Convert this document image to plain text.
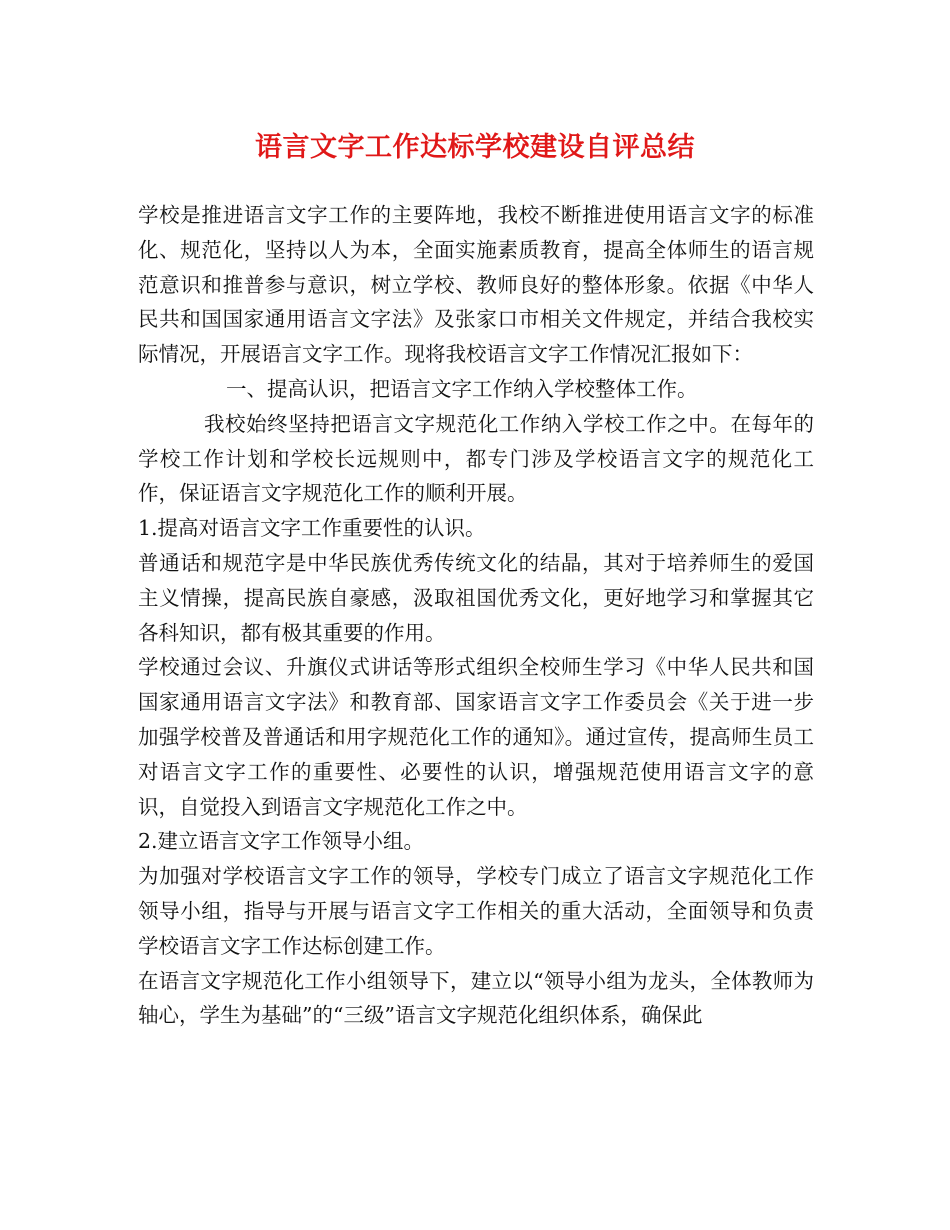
语言文字工作达标学校建设自评总结

学校是推进语言文字工作的主要阵地，我校不断推进使用语言文字的标准化、规范化，坚持以人为本，全面实施素质教育，提高全体师生的语言规范意识和推普参与意识，树立学校、教师良好的整体形象。依据《中华人民共和国国家通用语言文字法》及张家口市相关文件规定，并结合我校实际情况，开展语言文字工作。现将我校语言文字工作情况汇报如下：

一、提高认识，把语言文字工作纳入学校整体工作。

我校始终坚持把语言文字规范化工作纳入学校工作之中。在每年的学校工作计划和学校长远规则中，都专门涉及学校语言文字的规范化工作，保证语言文字规范化工作的顺利开展。

1.提高对语言文字工作重要性的认识。

普通话和规范字是中华民族优秀传统文化的结晶，其对于培养师生的爱国主义情操，提高民族自豪感，汲取祖国优秀文化，更好地学习和掌握其它各科知识，都有极其重要的作用。

学校通过会议、升旗仪式讲话等形式组织全校师生学习《中华人民共和国国家通用语言文字法》和教育部、国家语言文字工作委员会《关于进一步加强学校普及普通话和用字规范化工作的通知》。通过宣传，提高师生员工对语言文字工作的重要性、必要性的认识，增强规范使用语言文字的意识，自觉投入到语言文字规范化工作之中。

2.建立语言文字工作领导小组。

为加强对学校语言文字工作的领导，学校专门成立了语言文字规范化工作领导小组，指导与开展与语言文字工作相关的重大活动，全面领导和负责学校语言文字工作达标创建工作。

在语言文字规范化工作小组领导下，建立以“领导小组为龙头，全体教师为轴心，学生为基础”的“三级”语言文字规范化组织体系，确保此
